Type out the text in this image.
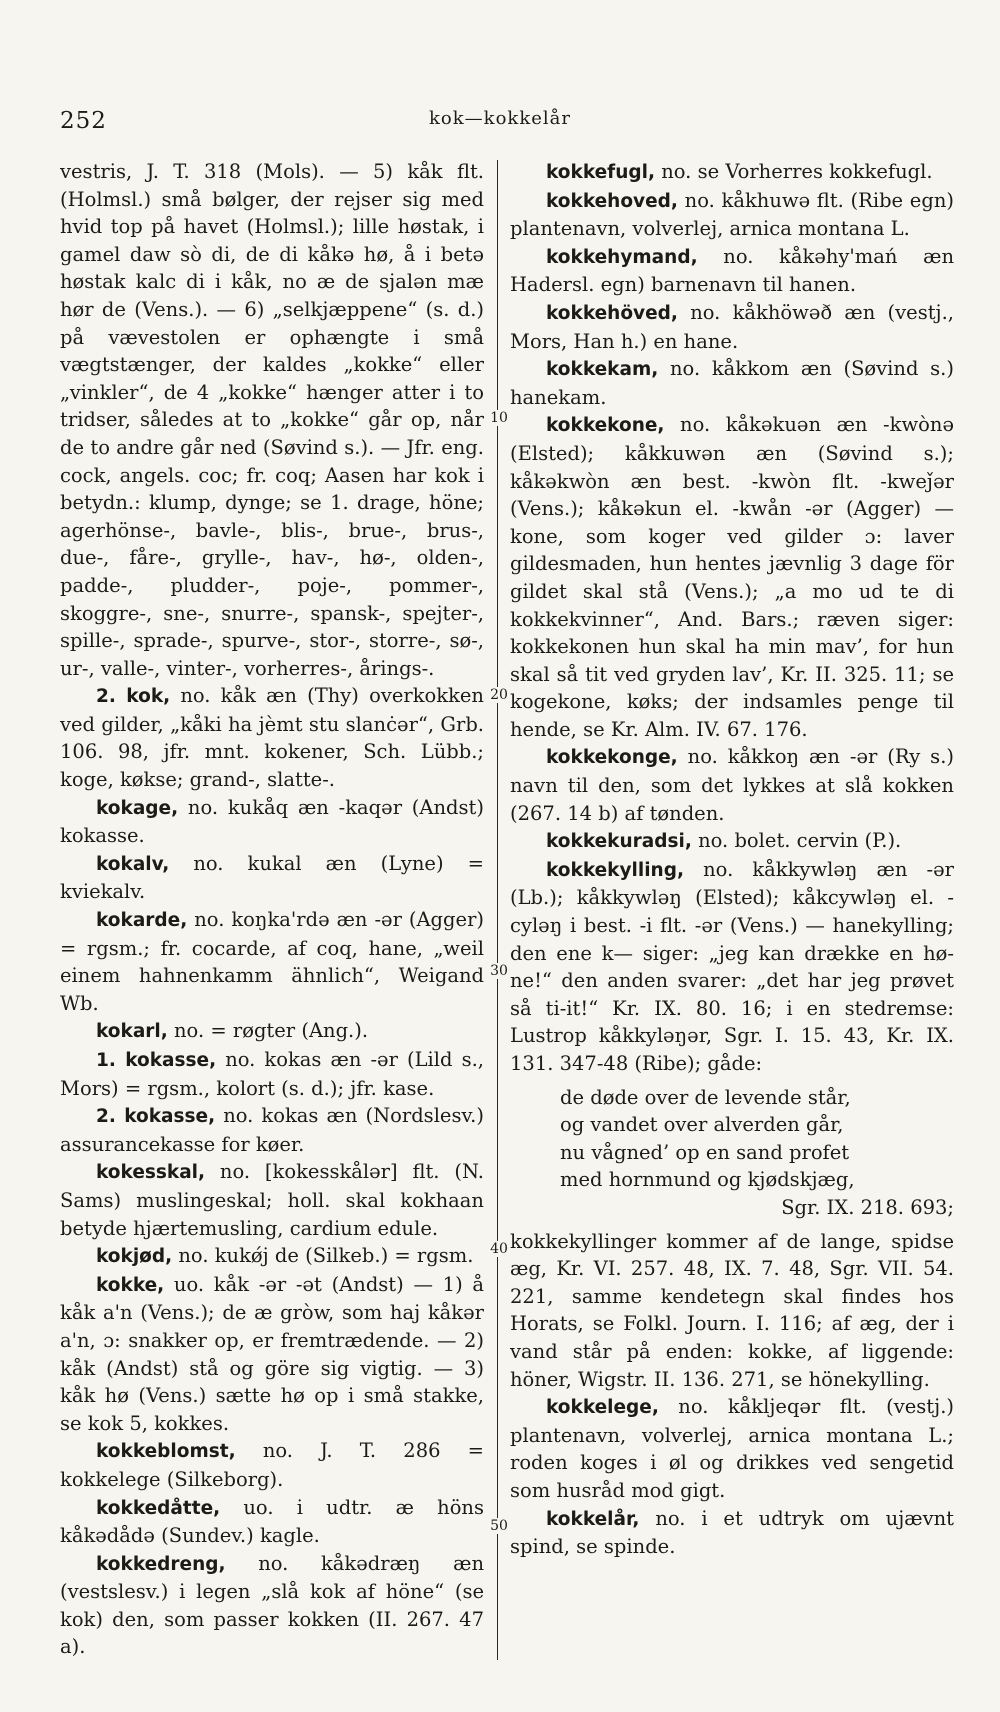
252	kok—kokkelår
10
20
30
40
50

vestris, J. T. 318 (Mols). — 5) kåk flt. (Holmsl.) små bølger, der rejser sig med hvid top på havet (Holmsl.); lille høstak, i gamel daw sò di, de di kåkə hø, å i betə høstak kalc di i kåk, no æ de sjalən mæ hør de (Vens.). — 6) „selkjæppene“ (s. d.) på vævestolen er ophængte i små vægtstænger, der kaldes „kokke“ eller „vinkler“, de 4 „kokke“ hænger atter i to tridser, således at to „kokke“ går op, når de to andre går ned (Søvind s.). — Jfr. eng. cock, angels. coc; fr. coq; Aasen har kok i betydn.: klump, dynge; se 1. drage, höne; agerhönse-, bavle-, blis-, brue-, brus-, due-, fåre-, grylle-, hav-, hø-, olden-, padde-, pludder-, poje-, pommer-, skoggre-, sne-, snurre-, spansk-, spejter-, spille-, sprade-, spurve-, stor-, storre-, sø-, ur-, valle-, vinter-, vorherres-, årings-.

2. kok, no. kåk æn (Thy) overkokken ved gilder, „kåki ha jèmt stu slanċər“, Grb. 106. 98, jfr. mnt. kokener, Sch. Lübb.; koge, køkse; grand-, slatte-.

kokage, no. kukåq æn -kaqər (Andst) kokasse.

kokalv, no. kukal æn (Lyne) = kviekalv.

kokarde, no. koŋka'rdə æn -ər (Agger) = rgsm.; fr. cocarde, af coq, hane, „weil einem hahnenkamm ähnlich“, Weigand Wb.

kokarl, no. = røgter (Ang.).

1. kokasse, no. kokas æn -ər (Lild s., Mors) = rgsm., kolort (s. d.); jfr. kase.

2. kokasse, no. kokas æn (Nordslesv.) assurancekasse for køer.

kokesskal, no. [kokesskålər] flt. (N. Sams) muslingeskal; holl. skal kokhaan betyde hjærtemusling, cardium edule.

kokjød, no. kukǿj de (Silkeb.) = rgsm.

kokke, uo. kåk -ər -ət (Andst) — 1) å kåk a'n (Vens.); de æ gròw, som haj kåkər a'n, ɔ: snakker op, er fremtrædende. — 2) kåk (Andst) stå og göre sig vigtig. — 3) kåk hø (Vens.) sætte hø op i små stakke, se kok 5, kokkes.

kokkeblomst, no. J. T. 286 = kokkelege (Silkeborg).

kokkedåtte, uo. i udtr. æ höns kåkədådə (Sundev.) kagle.

kokkedreng, no. kåkədræŋ æn (vestslesv.) i legen „slå kok af höne“ (se kok) den, som passer kokken (II. 267. 47 a).

kokkefugl, no. se Vorherres kokkefugl.

kokkehoved, no. kåkhuwə flt. (Ribe egn) plantenavn, volverlej, arnica montana L.

kokkehymand, no. kåkəhy'mań æn Hadersl. egn) barnenavn til hanen.

kokkehöved, no. kåkhöwəð æn (vestj., Mors, Han h.) en hane.

kokkekam, no. kåkkom æn (Søvind s.) hanekam.

kokkekone, no. kåkəkuən æn -kwònə (Elsted); kåkkuwən æn (Søvind s.); kåkəkwòn æn best. -kwòn flt. -kweǰər (Vens.); kåkəkun el. -kwån -ər (Agger) — kone, som koger ved gilder ɔ: laver gildesmaden, hun hentes jævnlig 3 dage för gildet skal stå (Vens.); „a mo ud te di kokkekvinner“, And. Bars.; ræven siger: kokkekonen hun skal ha min mav’, for hun skal så tit ved gryden lav’, Kr. II. 325. 11; se kogekone, køks; der indsamles penge til hende, se Kr. Alm. IV. 67. 176.

kokkekonge, no. kåkkoŋ æn -ər (Ry s.) navn til den, som det lykkes at slå kokken (267. 14 b) af tønden.

kokkekuradsi, no. bolet. cervin (P.).

kokkekylling, no. kåkkywləŋ æn -ər (Lb.); kåkkywləŋ (Elsted); kåkcywləŋ el. -cyləŋ i best. -i flt. -ər (Vens.) — hanekylling; den ene k— siger: „jeg kan drække en hø-ne!“ den anden svarer: „det har jeg prøvet så ti-it!“ Kr. IX. 80. 16; i en stedremse: Lustrop kåkkyləŋər, Sgr. I. 15. 43, Kr. IX. 131. 347-48 (Ribe); gåde:

de døde over de levende står,
og vandet over alverden går,
nu vågned’ op en sand profet
med hornmund og kjødskjæg,
Sgr. IX. 218. 693;

kokkekyllinger kommer af de lange, spidse æg, Kr. VI. 257. 48, IX. 7. 48, Sgr. VII. 54. 221, samme kendetegn skal findes hos Horats, se Folkl. Journ. I. 116; af æg, der i vand står på enden: kokke, af liggende: höner, Wigstr. II. 136. 271, se hönekylling.

kokkelege, no. kåkljeqər flt. (vestj.) plantenavn, volverlej, arnica montana L.; roden koges i øl og drikkes ved sengetid som husråd mod gigt.

kokkelår, no. i et udtryk om ujævnt spind, se spinde.
